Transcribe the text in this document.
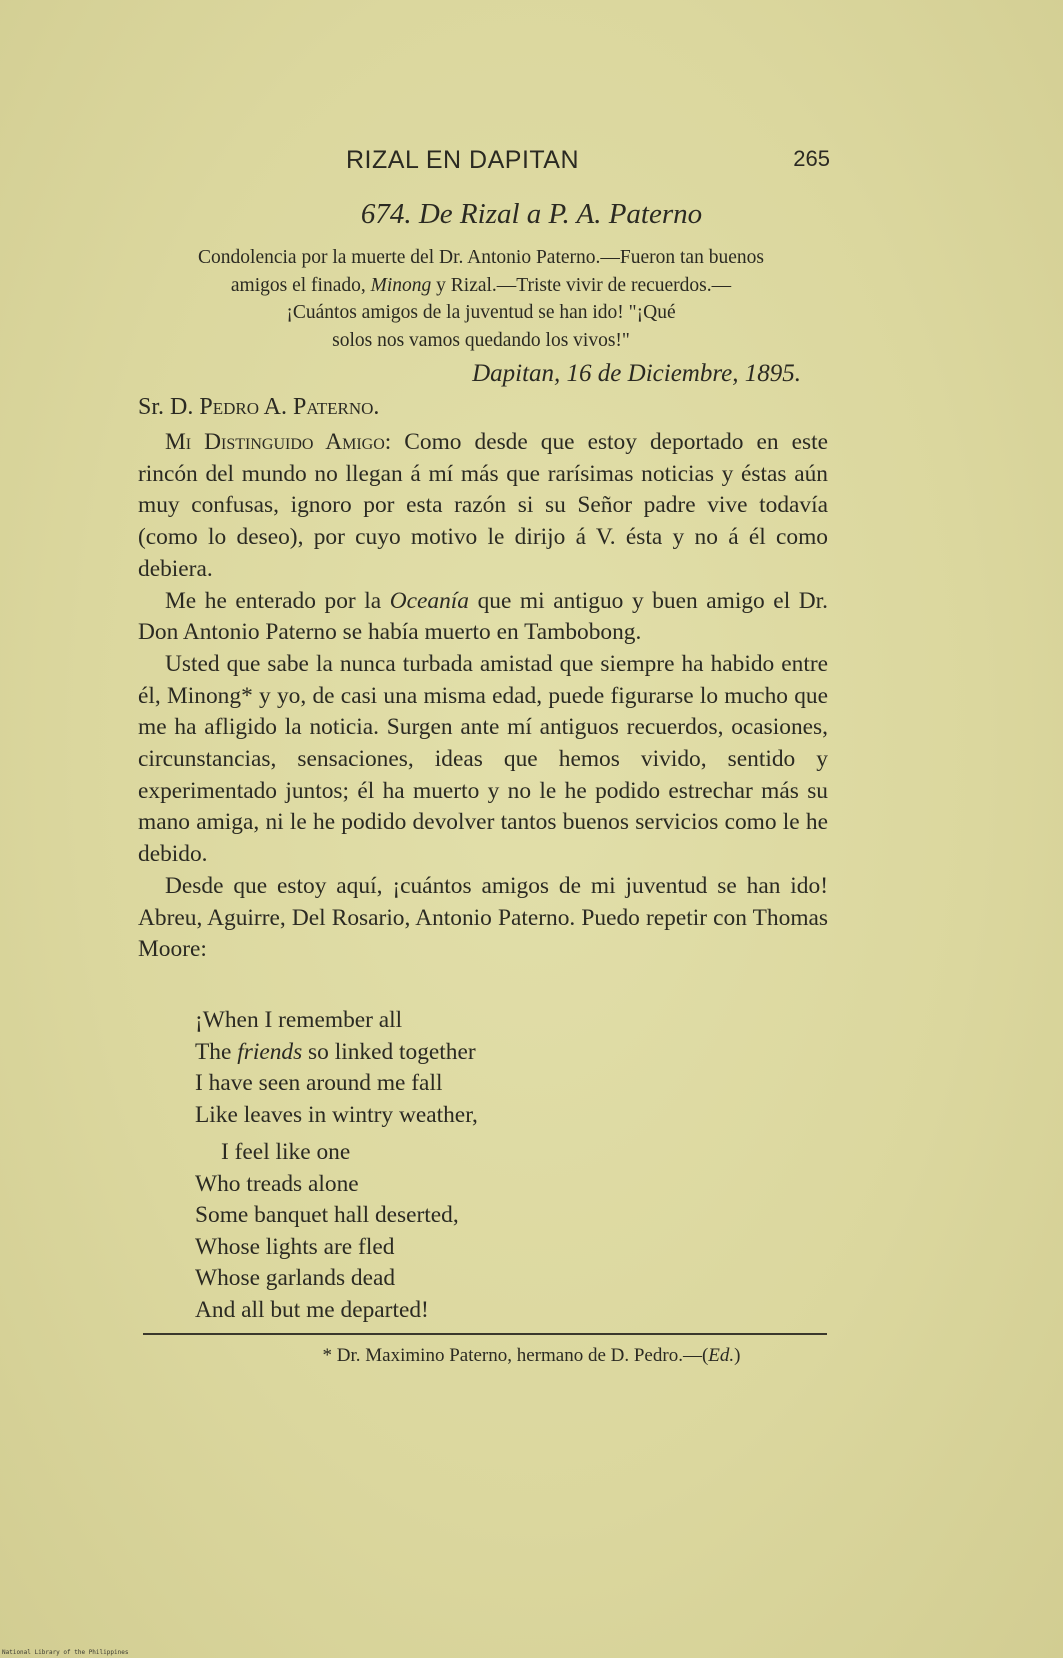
RIZAL EN DAPITAN	265
674. De Rizal a P. A. Paterno
Condolencia por la muerte del Dr. Antonio Paterno.—Fueron tan buenos
amigos el finado, Minong y Rizal.—Triste vivir de recuerdos.—
¡Cuántos amigos de la juventud se han ido! "¡Qué
solos nos vamos quedando los vivos!"
Dapitan, 16 de Diciembre, 1895.
Sr. D. Pedro A. Paterno.

Mi Distinguido Amigo: Como desde que estoy deportado en este rincón del mundo no llegan á mí más que rarísimas noticias y éstas aún muy confusas, ignoro por esta razón si su Señor padre vive todavía (como lo deseo), por cuyo motivo le dirijo á V. ésta y no á él como debiera.

Me he enterado por la Oceanía que mi antiguo y buen amigo el Dr. Don Antonio Paterno se había muerto en Tambobong.

Usted que sabe la nunca turbada amistad que siempre ha habido entre él, Minong* y yo, de casi una misma edad, puede figurarse lo mucho que me ha afligido la noticia. Surgen ante mí antiguos recuerdos, ocasiones, circunstancias, sensaciones, ideas que hemos vivido, sentido y experimentado juntos; él ha muerto y no le he podido estrechar más su mano amiga, ni le he podido devolver tantos buenos servicios como le he debido.

Desde que estoy aquí, ¡cuántos amigos de mi juventud se han ido! Abreu, Aguirre, Del Rosario, Antonio Paterno. Puedo repetir con Thomas Moore:

¡When I remember all
The friends so linked together
I have seen around me fall
Like leaves in wintry weather,
I feel like one
Who treads alone
Some banquet hall deserted,
Whose lights are fled
Whose garlands dead
And all but me departed!
* Dr. Maximino Paterno, hermano de D. Pedro.—(Ed.)
National Library of the Philippines
